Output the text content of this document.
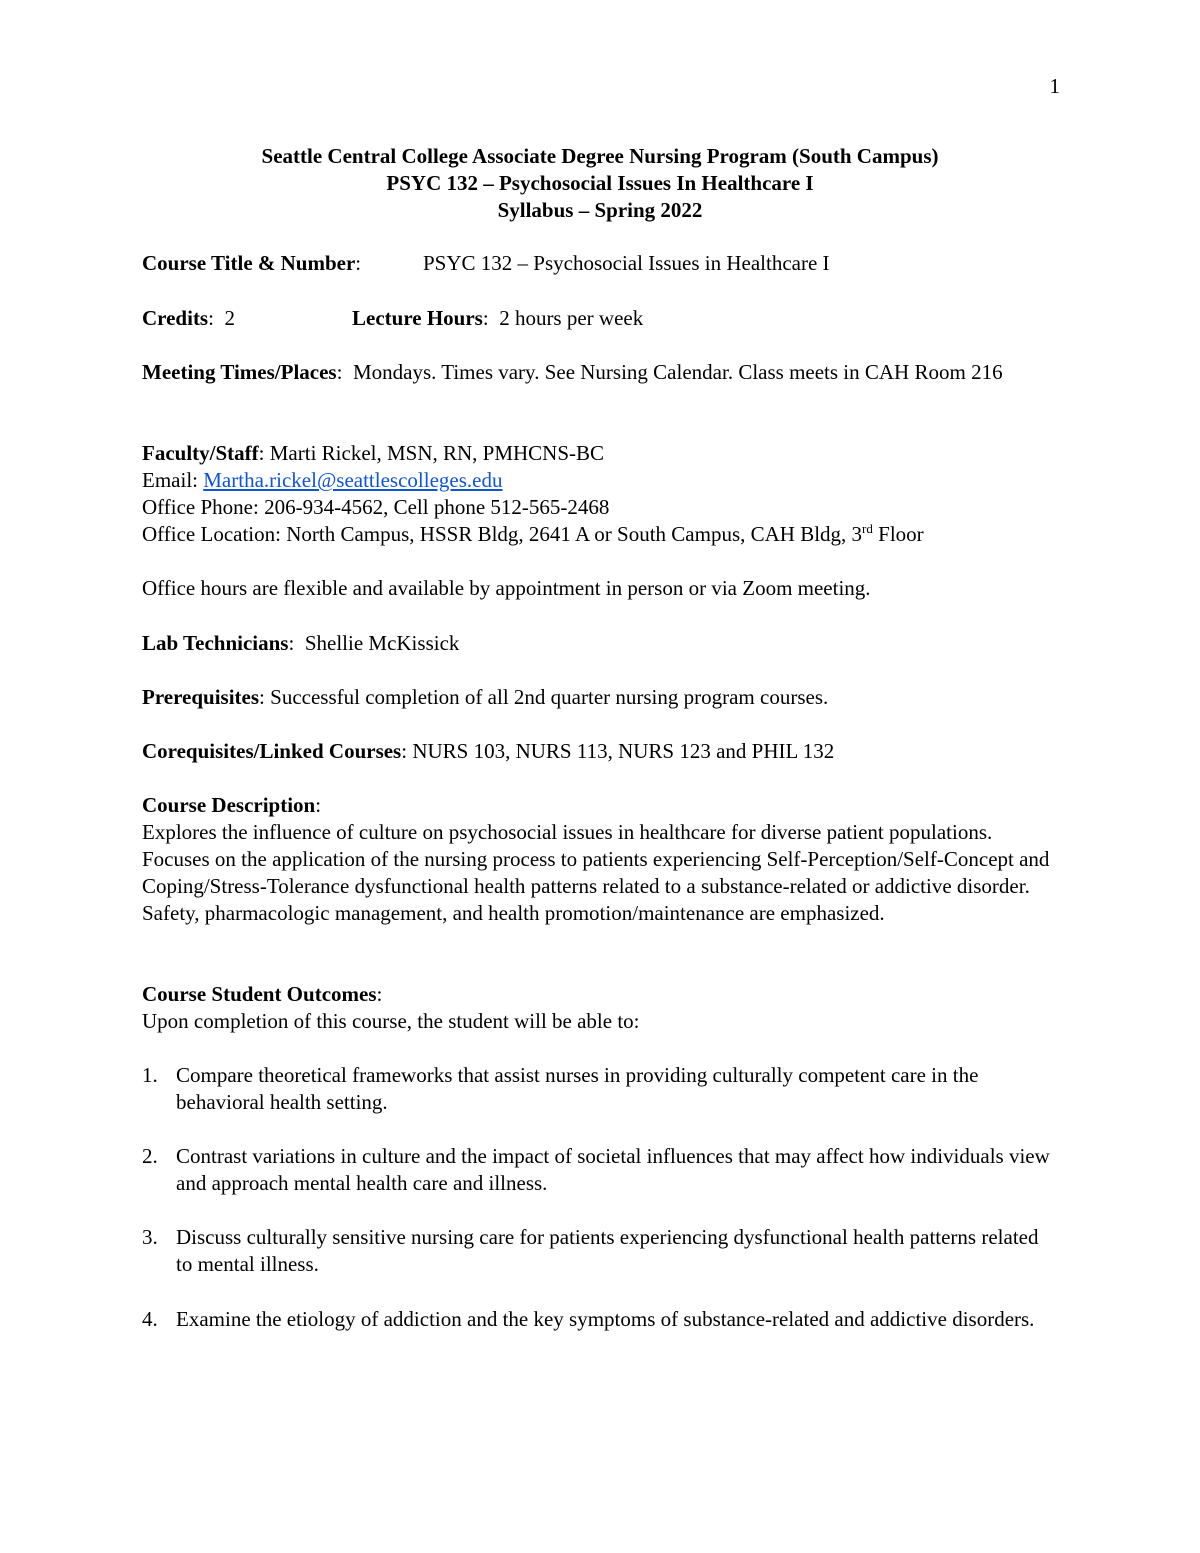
1
Seattle Central College Associate Degree Nursing Program (South Campus)
PSYC 132 – Psychosocial Issues In Healthcare I
Syllabus – Spring 2022
Course Title & Number:	PSYC 132 – Psychosocial Issues in Healthcare I
Credits:  2	Lecture Hours:  2 hours per week
Meeting Times/Places:  Mondays. Times vary. See Nursing Calendar. Class meets in CAH Room 216
Faculty/Staff: Marti Rickel, MSN, RN, PMHCNS-BC
Email: Martha.rickel@seattlescolleges.edu
Office Phone: 206-934-4562, Cell phone 512-565-2468
Office Location: North Campus, HSSR Bldg, 2641 A or South Campus, CAH Bldg, 3rd Floor
Office hours are flexible and available by appointment in person or via Zoom meeting.
Lab Technicians:  Shellie McKissick
Prerequisites: Successful completion of all 2nd quarter nursing program courses.
Corequisites/Linked Courses: NURS 103, NURS 113, NURS 123 and PHIL 132
Course Description:
Explores the influence of culture on psychosocial issues in healthcare for diverse patient populations. Focuses on the application of the nursing process to patients experiencing Self-Perception/Self-Concept and Coping/Stress-Tolerance dysfunctional health patterns related to a substance-related or addictive disorder. Safety, pharmacologic management, and health promotion/maintenance are emphasized.
Course Student Outcomes:
Upon completion of this course, the student will be able to:
1. Compare theoretical frameworks that assist nurses in providing culturally competent care in the behavioral health setting.
2. Contrast variations in culture and the impact of societal influences that may affect how individuals view and approach mental health care and illness.
3. Discuss culturally sensitive nursing care for patients experiencing dysfunctional health patterns related to mental illness.
4. Examine the etiology of addiction and the key symptoms of substance-related and addictive disorders.
